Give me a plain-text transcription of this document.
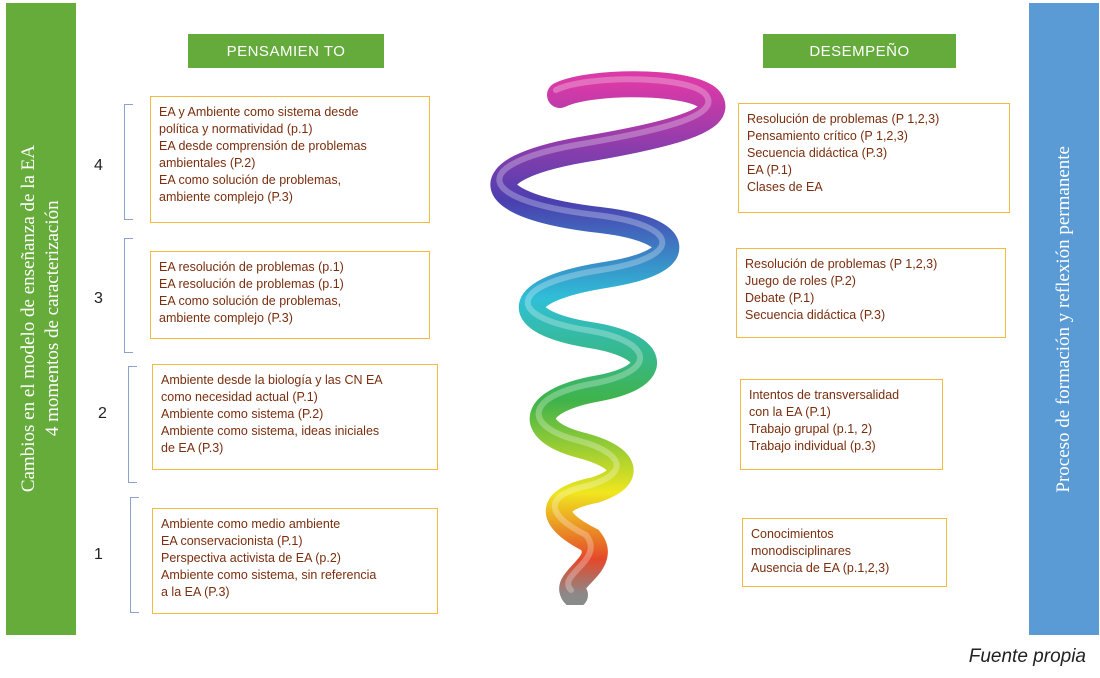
Cambios en el modelo de enseñanza de la EA 4 momentos de caracterización	Proceso de formación y reflexión permanente
PENSAMIEN TO	DESEMPEÑO
4
3
2
1
EA y Ambiente como sistema desde
política y normatividad (p.1)
EA desde comprensión de problemas
ambientales (P.2)
EA como solución de problemas,
ambiente complejo (P.3)
EA resolución de problemas (p.1)
EA resolución de problemas (p.1)
EA como solución de problemas,
ambiente complejo (P.3)
Ambiente desde la biología y las CN EA
como necesidad actual (P.1)
Ambiente como sistema (P.2)
Ambiente como sistema, ideas iniciales
de EA (P.3)
Ambiente como medio ambiente
EA conservacionista (P.1)
Perspectiva activista de EA (p.2)
Ambiente como sistema, sin referencia
a la EA (P.3)
Resolución de problemas (P 1,2,3)
Pensamiento crítico (P 1,2,3)
Secuencia didáctica (P.3)
EA (P.1)
Clases de EA
Resolución de problemas (P 1,2,3)
Juego de roles (P.2)
Debate (P.1)
Secuencia didáctica (P.3)
Intentos de transversalidad
con la EA (P.1)
Trabajo grupal (p.1, 2)
Trabajo individual (p.3)
Conocimientos
monodisciplinares
Ausencia de EA (p.1,2,3)
Fuente propia
